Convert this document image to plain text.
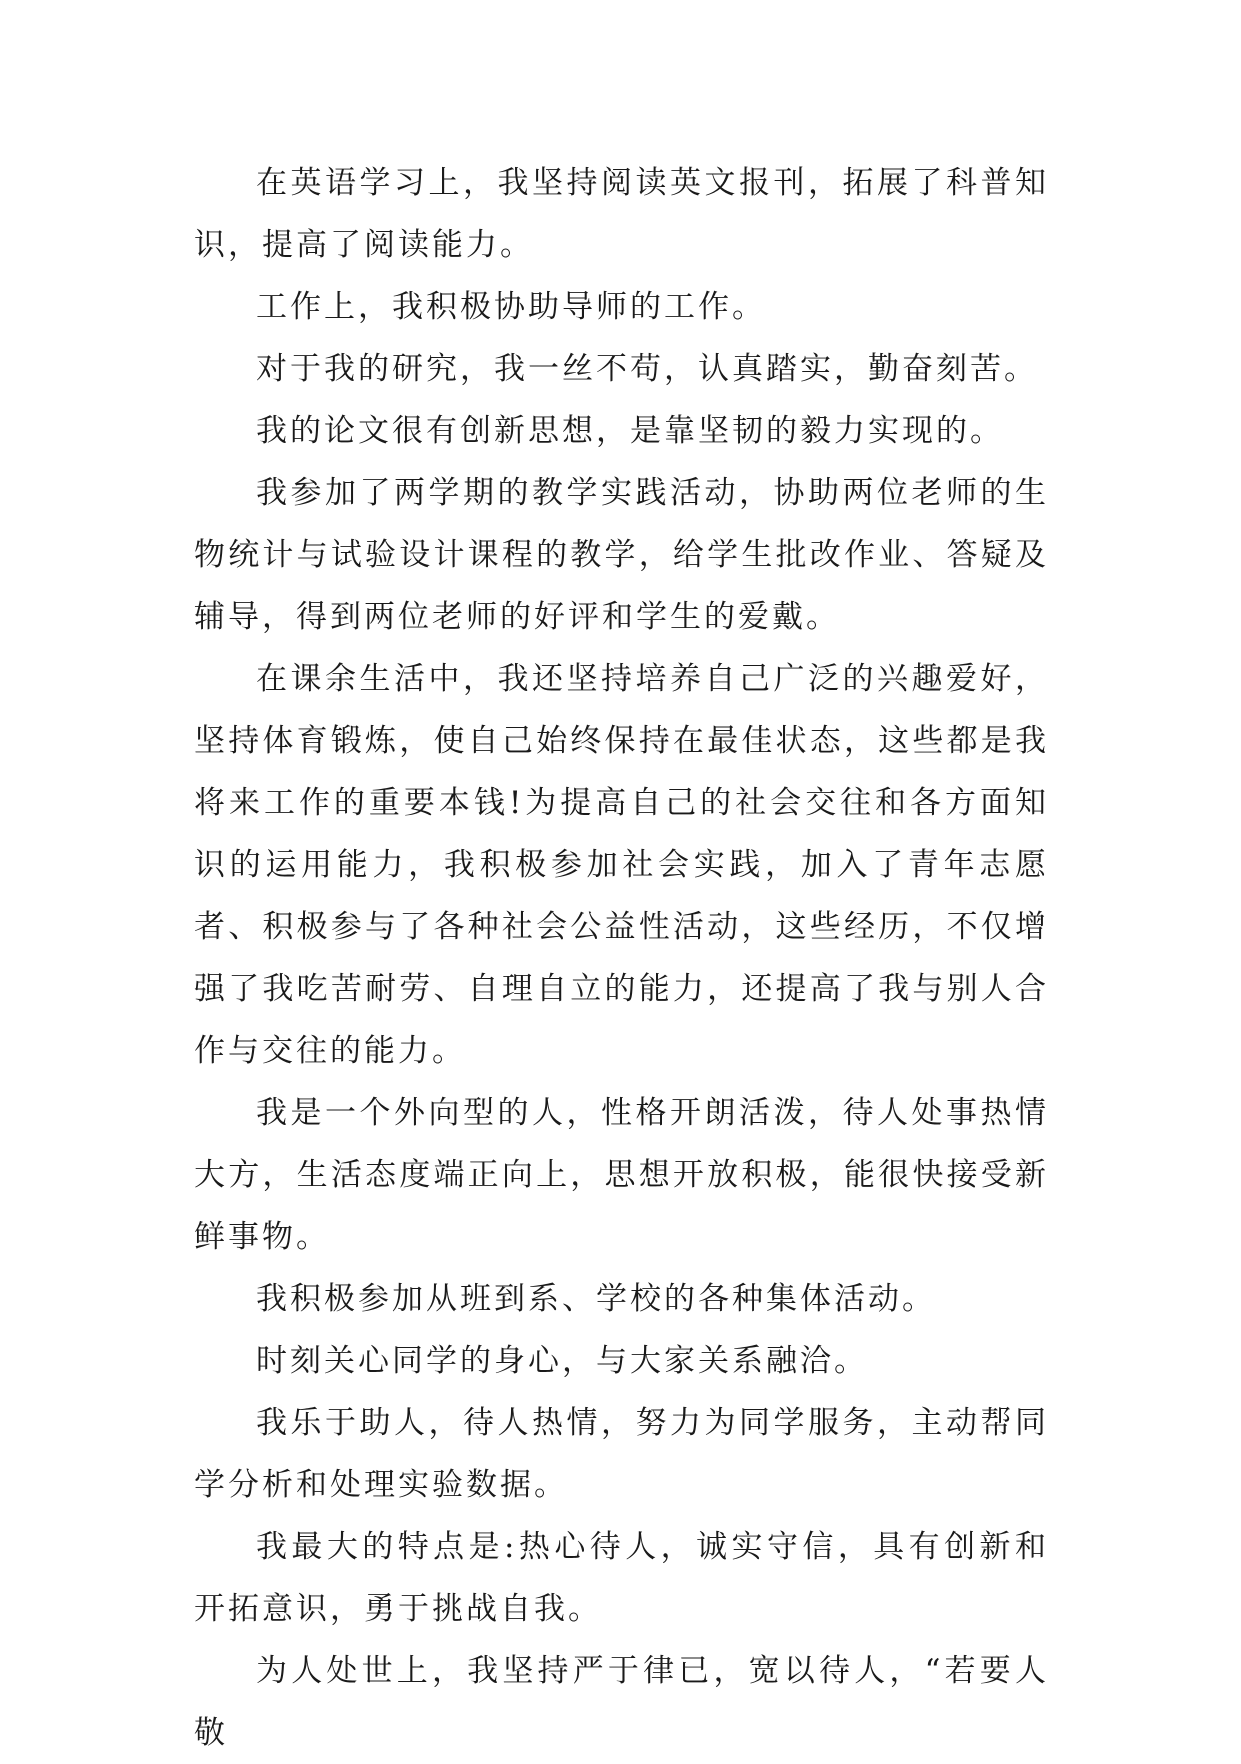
在英语学习上，我坚持阅读英文报刊，拓展了科普知识，提高了阅读能力。

工作上，我积极协助导师的工作。

对于我的研究，我一丝不苟，认真踏实，勤奋刻苦。

我的论文很有创新思想，是靠坚韧的毅力实现的。

我参加了两学期的教学实践活动，协助两位老师的生物统计与试验设计课程的教学，给学生批改作业、答疑及辅导，得到两位老师的好评和学生的爱戴。

在课余生活中，我还坚持培养自己广泛的兴趣爱好，坚持体育锻炼，使自己始终保持在最佳状态，这些都是我将来工作的重要本钱!为提高自己的社会交往和各方面知识的运用能力，我积极参加社会实践，加入了青年志愿者、积极参与了各种社会公益性活动，这些经历，不仅增强了我吃苦耐劳、自理自立的能力，还提高了我与别人合作与交往的能力。

我是一个外向型的人，性格开朗活泼，待人处事热情大方，生活态度端正向上，思想开放积极，能很快接受新鲜事物。

我积极参加从班到系、学校的各种集体活动。

时刻关心同学的身心，与大家关系融洽。

我乐于助人，待人热情，努力为同学服务，主动帮同学分析和处理实验数据。

我最大的特点是:热心待人，诚实守信，具有创新和开拓意识，勇于挑战自我。

为人处世上，我坚持严于律已，宽以待人，“若要人敬
